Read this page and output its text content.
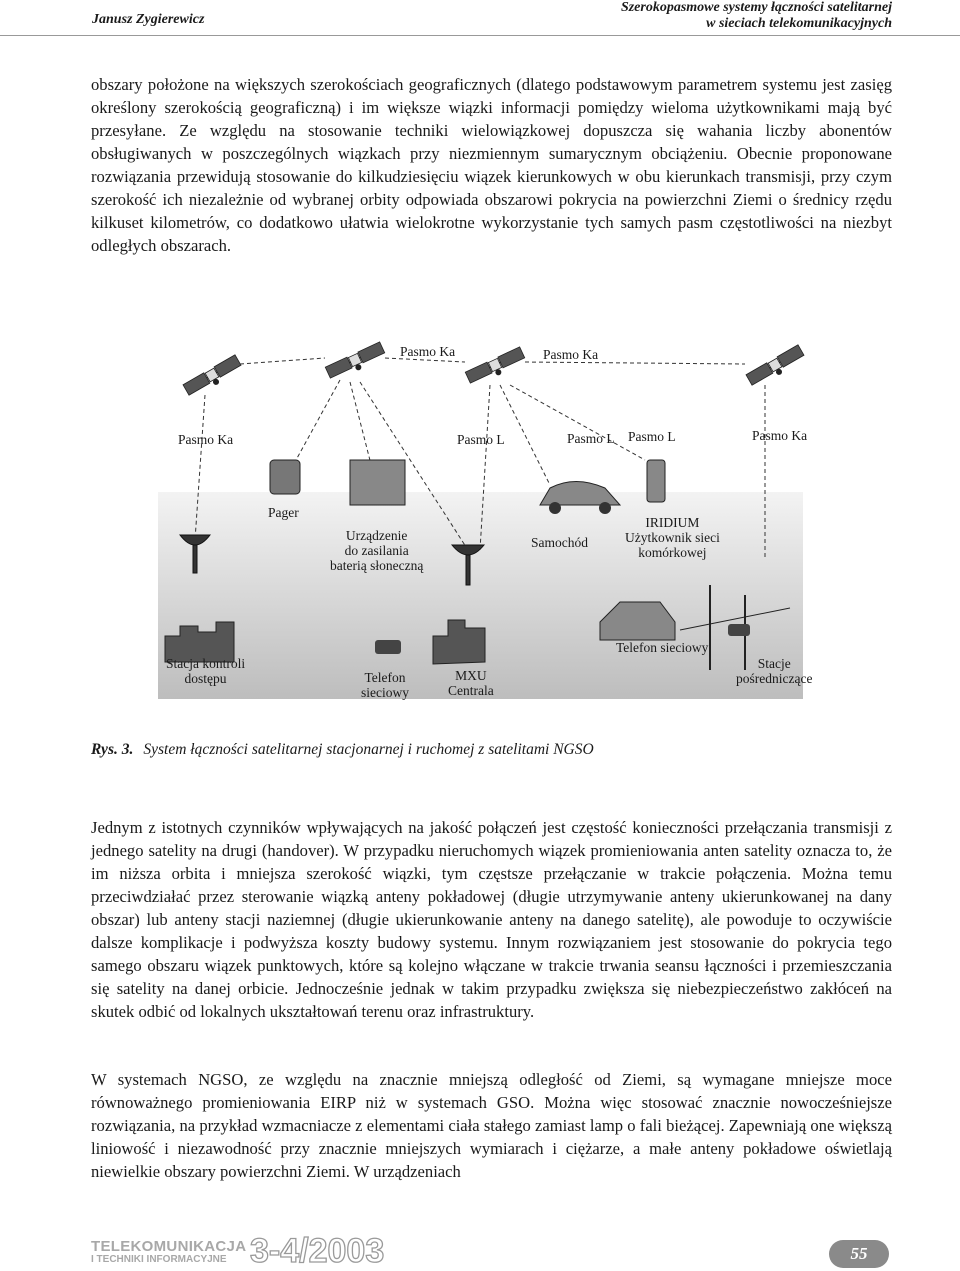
Janusz Zygierewicz
Szerokopasmowe systemy łączności satelitarnej
w sieciach telekomunikacyjnych

obszary położone na większych szerokościach geograficznych (dlatego podstawowym parametrem systemu jest zasięg określony szerokością geograficzną) i im większe wiązki informacji pomiędzy wieloma użytkownikami mają być przesyłane. Ze względu na stosowanie techniki wielowiązkowej dopuszcza się wahania liczby abonentów obsługiwanych w poszczególnych wiązkach przy niezmiennym sumarycznym obciążeniu. Obecnie proponowane rozwiązania przewidują stosowanie do kilkudziesięciu wiązek kierunkowych w obu kierunkach transmisji, przy czym szerokość ich niezależnie od wybranej orbity odpowiada obszarowi pokrycia na powierzchni Ziemi o średnicy rzędu kilkuset kilometrów, co dodatkowo ułatwia wielokrotne wykorzystanie tych samych pasm częstotliwości na niezbyt odległych obszarach.

Pasmo Ka	Pasmo Ka
Pasmo Ka	Pasmo L	Pasmo L Pasmo L	Pasmo Ka
Pager
Urządzenie
do zasilania
baterią słoneczną
Samochód
IRIDIUM
Użytkownik sieci
komórkowej
Stacja kontroli
dostępu	Telefon
sieciowy
MXU
Centrala
Telefon sieciowy
Stacje
pośredniczące
Rys. 3. System łączności satelitarnej stacjonarnej i ruchomej z satelitami NGSO

Jednym z istotnych czynników wpływających na jakość połączeń jest częstość konieczności przełączania transmisji z jednego satelity na drugi (handover). W przypadku nieruchomych wiązek promieniowania anten satelity oznacza to, że im niższa orbita i mniejsza szerokość wiązki, tym częstsze przełączanie w trakcie połączenia. Można temu przeciwdziałać przez sterowanie wiązką anteny pokładowej (długie utrzymywanie anteny ukierunkowanej na dany obszar) lub anteny stacji naziemnej (długie ukierunkowanie anteny na danego satelitę), ale powoduje to oczywiście dalsze komplikacje i podwyższa koszty budowy systemu. Innym rozwiązaniem jest stosowanie do pokrycia tego samego obszaru wiązek punktowych, które są kolejno włączane w trakcie trwania seansu łączności i przemieszczania się satelity na danej orbicie. Jednocześnie jednak w takim przypadku zwiększa się niebezpieczeństwo zakłóceń na skutek odbić od lokalnych ukształtowań terenu oraz infrastruktury.

W systemach NGSO, ze względu na znacznie mniejszą odległość od Ziemi, są wymagane mniejsze moce równoważnego promieniowania EIRP niż w systemach GSO. Można więc stosować znacznie nowocześniejsze rozwiązania, na przykład wzmacniacze z elementami ciała stałego zamiast lamp o fali bieżącej. Zapewniają one większą liniowość i niezawodność przy znacznie mniejszych wymiarach i ciężarze, a małe anteny pokładowe oświetlają niewielkie obszary powierzchni Ziemi. W urządzeniach

TELEKOMUNIKACJA
I TECHNIKI INFORMACYJNE 3-4/2003	55
